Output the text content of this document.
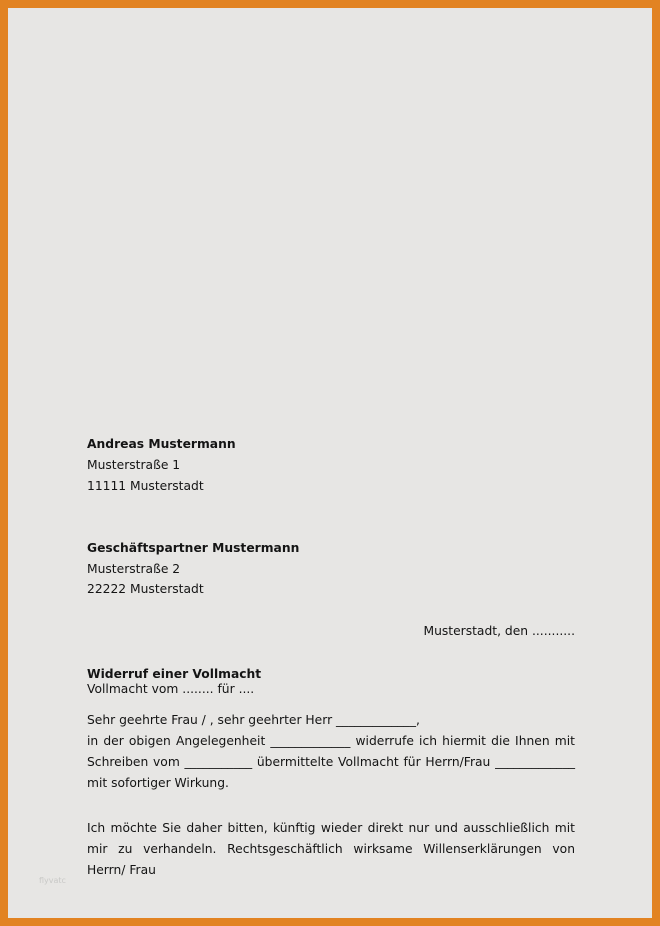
Andreas Mustermann
Musterstraße 1
11111 Musterstadt
Geschäftspartner Mustermann
Musterstraße 2
22222 Musterstadt
Musterstadt, den ...........
Widerruf einer Vollmacht
Vollmacht vom ........ für ....
Sehr geehrte Frau / , sehr geehrter Herr _____________,
in der obigen Angelegenheit _____________ widerrufe ich hiermit die Ihnen mit Schreiben vom ___________ übermittelte Vollmacht für Herrn/Frau _____________ mit sofortiger Wirkung.
Ich möchte Sie daher bitten, künftig wieder direkt nur und ausschließlich mit mir zu verhandeln. Rechtsgeschäftlich wirksame Willenserklärungen von Herrn/ Frau
flyvatc
